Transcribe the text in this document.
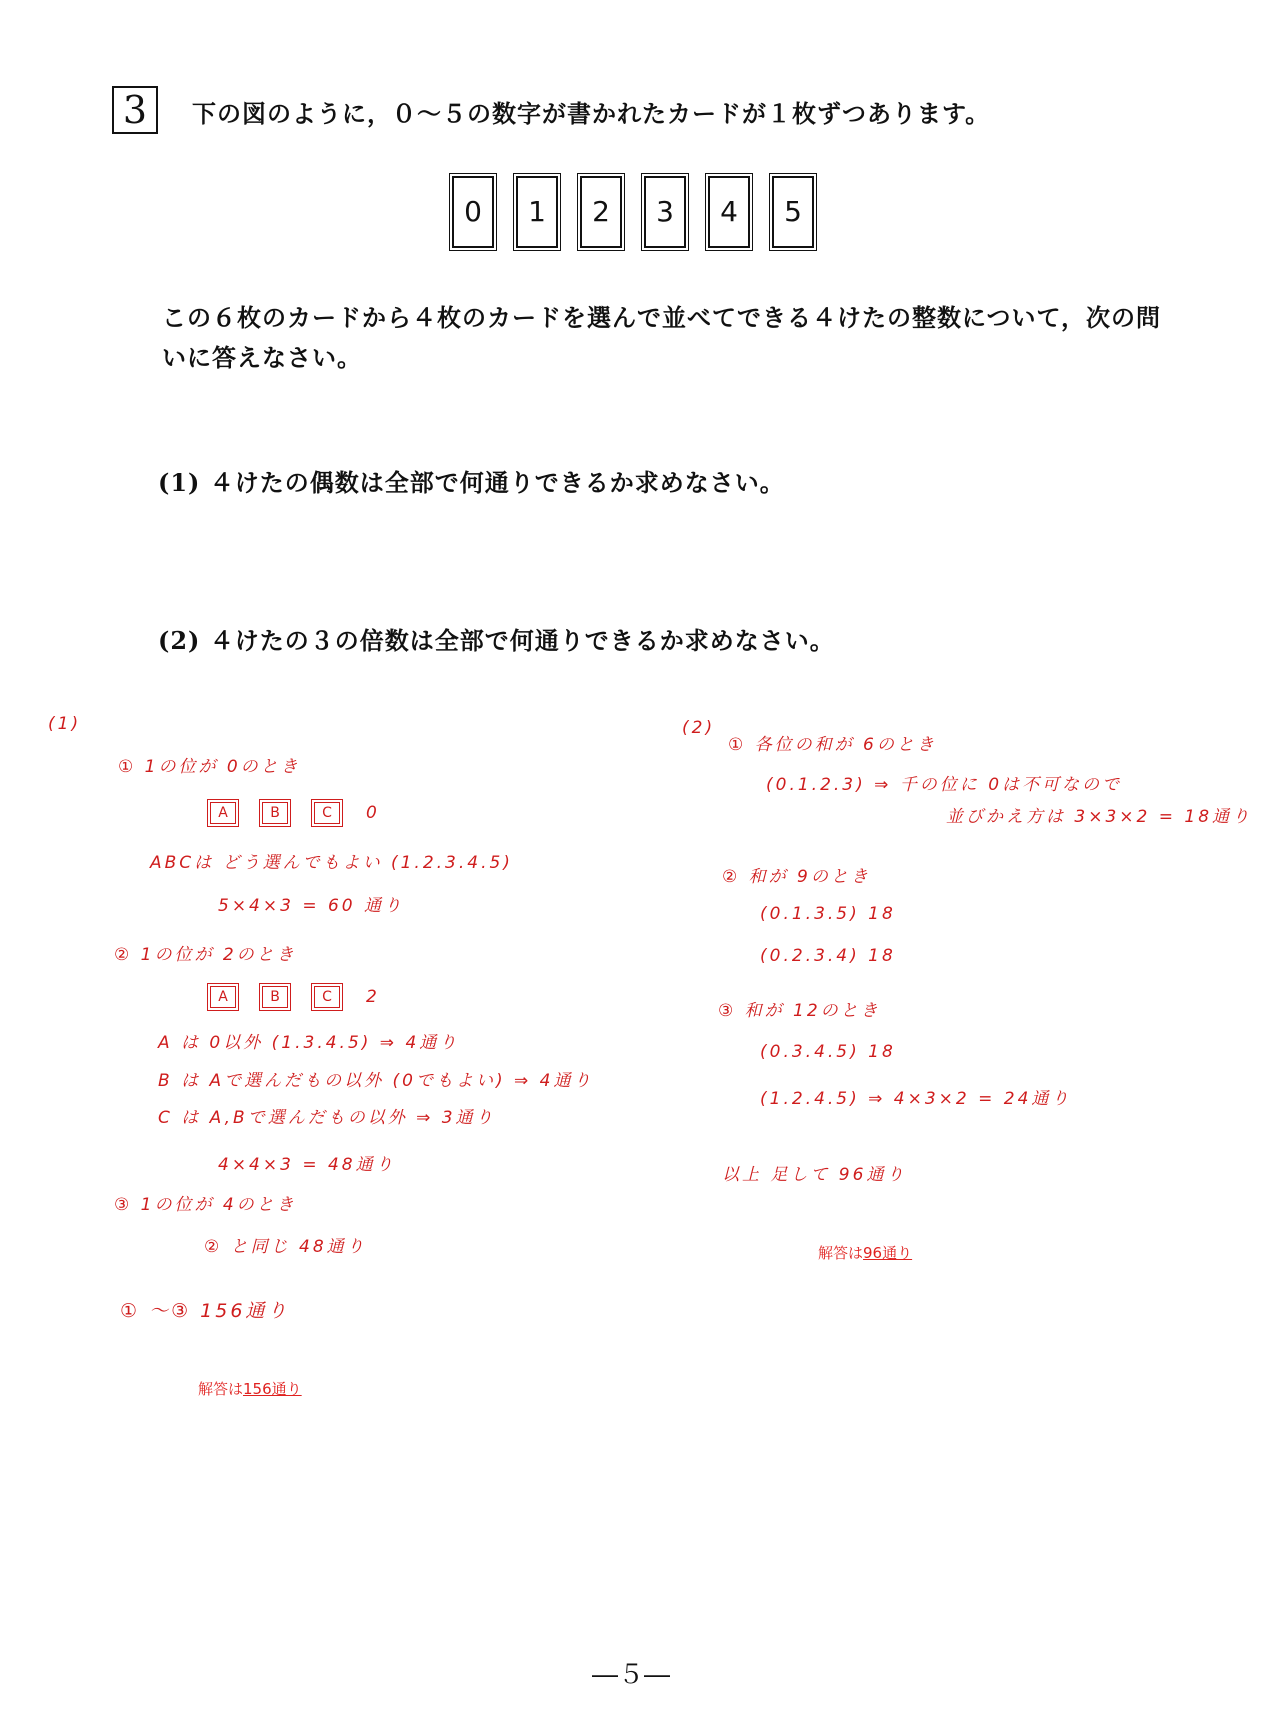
3	下の図のように，０～５の数字が書かれたカードが１枚ずつあります。
0	1	2	3	4	5
この６枚のカードから４枚のカードを選んで並べてできる４けたの整数について，次の問いに答えなさい。
(1) ４けたの偶数は全部で何通りできるか求めなさい。
(2) ４けたの３の倍数は全部で何通りできるか求めなさい。
(1)
① 1の位が 0のとき
A	B	C	0
ABCは どう選んでもよい (1.2.3.4.5)
5×4×3 = 60 通り
② 1の位が 2のとき
A	B	C	2
A は 0以外 (1.3.4.5) ⇒ 4通り
B は Aで選んだもの以外 (0でもよい) ⇒ 4通り
C は A,Bで選んだもの以外 ⇒ 3通り
4×4×3 = 48通り
③ 1の位が 4のとき
② と同じ 48通り
① ～③ 156通り
解答は156通り
(2)
① 各位の和が 6のとき
(0.1.2.3) ⇒ 千の位に 0は不可なので
並びかえ方は 3×3×2 = 18通り
② 和が 9のとき
(0.1.3.5) 18
(0.2.3.4) 18
③ 和が 12のとき
(0.3.4.5) 18
(1.2.4.5) ⇒ 4×3×2 = 24通り
以上 足して 96通り
解答は96通り
―５―
